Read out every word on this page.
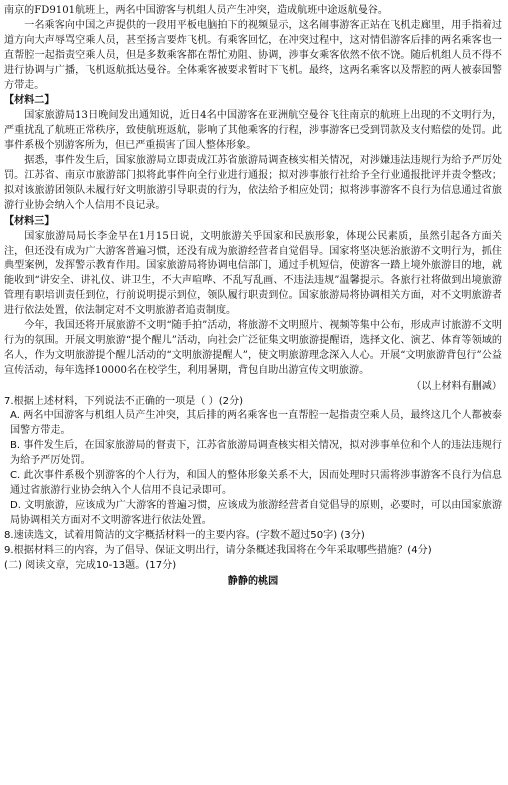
南京的FD9101航班上，两名中国游客与机组人员产生冲突，造成航班中途返航曼谷。

一名乘客向中国之声提供的一段用平板电脑拍下的视频显示，这名闹事游客正站在飞机走廊里，用手指着过道方向大声辱骂空乘人员，甚至扬言要炸飞机。有乘客回忆，在冲突过程中，这对情侣游客后排的两名乘客也一直帮腔一起指责空乘人员，但是多数乘客都在帮忙劝阻、协调，涉事女乘客依然不依不饶。随后机组人员不得不进行协调与广播，飞机返航抵达曼谷。全体乘客被要求暂时下飞机。最终，这两名乘客以及帮腔的两人被泰国警方带走。

【材料二】

国家旅游局13日晚间发出通知说，近日4名中国游客在亚洲航空曼谷飞往南京的航班上出现的不文明行为，严重扰乱了航班正常秩序，致使航班返航，影响了其他乘客的行程，涉事游客已受到罚款及支付赔偿的处罚。此事件系极个别游客所为，但已严重损害了国人整体形象。

据悉，事件发生后，国家旅游局立即责成江苏省旅游局调查核实相关情况，对涉嫌违法违规行为给予严厉处罚。江苏省、南京市旅游部门拟将此事件向全行业进行通报；拟对涉事旅行社给予全行业通报批评并责令整改；拟对该旅游团领队未履行好文明旅游引导职责的行为，依法给予相应处罚；拟将涉事游客不良行为信息通过省旅游行业协会纳入个人信用不良记录。

【材料三】

国家旅游局局长李金早在1月15日说，文明旅游关乎国家和民族形象，体现公民素质，虽然引起各方面关注，但还没有成为广大游客普遍习惯，还没有成为旅游经营者自觉倡导。国家将坚决惩治旅游不文明行为，抓住典型案例，发挥警示教育作用。国家旅游局将协调电信部门，通过手机短信，使游客一踏上境外旅游目的地，就能收到“讲安全、讲礼仪、讲卫生，不大声喧哗、不乱写乱画、不违法违规”温馨提示。各旅行社将做到出境旅游管理有职培训责任到位，行前说明提示到位，领队履行职责到位。国家旅游局将协调相关方面，对不文明旅游者进行依法处置，依法制定对不文明旅游者追责制度。

今年，我国还将开展旅游不文明“随手拍”活动，将旅游不文明照片、视频等集中公布，形成声讨旅游不文明行为的氛围。开展文明旅游“提个醒儿”活动，向社会广泛征集文明旅游提醒语，选择文化、演艺、体育等领域的名人，作为文明旅游提个醒儿活动的“文明旅游提醒人”，使文明旅游理念深入人心。开展“文明旅游背包行”公益宣传活动，每年选择10000名在校学生，利用暑期，背包自助出游宣传文明旅游。

（以上材料有删减）

7.根据上述材料，下列说法不正确的一项是（ ）(2分)

A. 两名中国游客与机组人员产生冲突，其后排的两名乘客也一直帮腔一起指责空乘人员，最终这几个人都被泰国警方带走。

B. 事件发生后，在国家旅游局的督责下，江苏省旅游局调查核实相关情况，拟对涉事单位和个人的违法违规行为给予严厉处罚。

C. 此次事件系极个别游客的个人行为，和国人的整体形象关系不大，因而处理时只需将涉事游客不良行为信息通过省旅游行业协会纳入个人信用不良记录即可。

D. 文明旅游，应该成为广大游客的普遍习惯，应该成为旅游经营者自觉倡导的原则，必要时，可以由国家旅游局协调相关方面对不文明游客进行依法处置。

8.速读选文，试着用简洁的文字概括材料一的主要内容。(字数不超过50字) (3分)

9.根据材料三的内容，为了倡导、保证文明出行，请分条概述我国将在今年采取哪些措施？(4分)

(二) 阅读文章，完成10-13题。(17分)

静静的桃园
